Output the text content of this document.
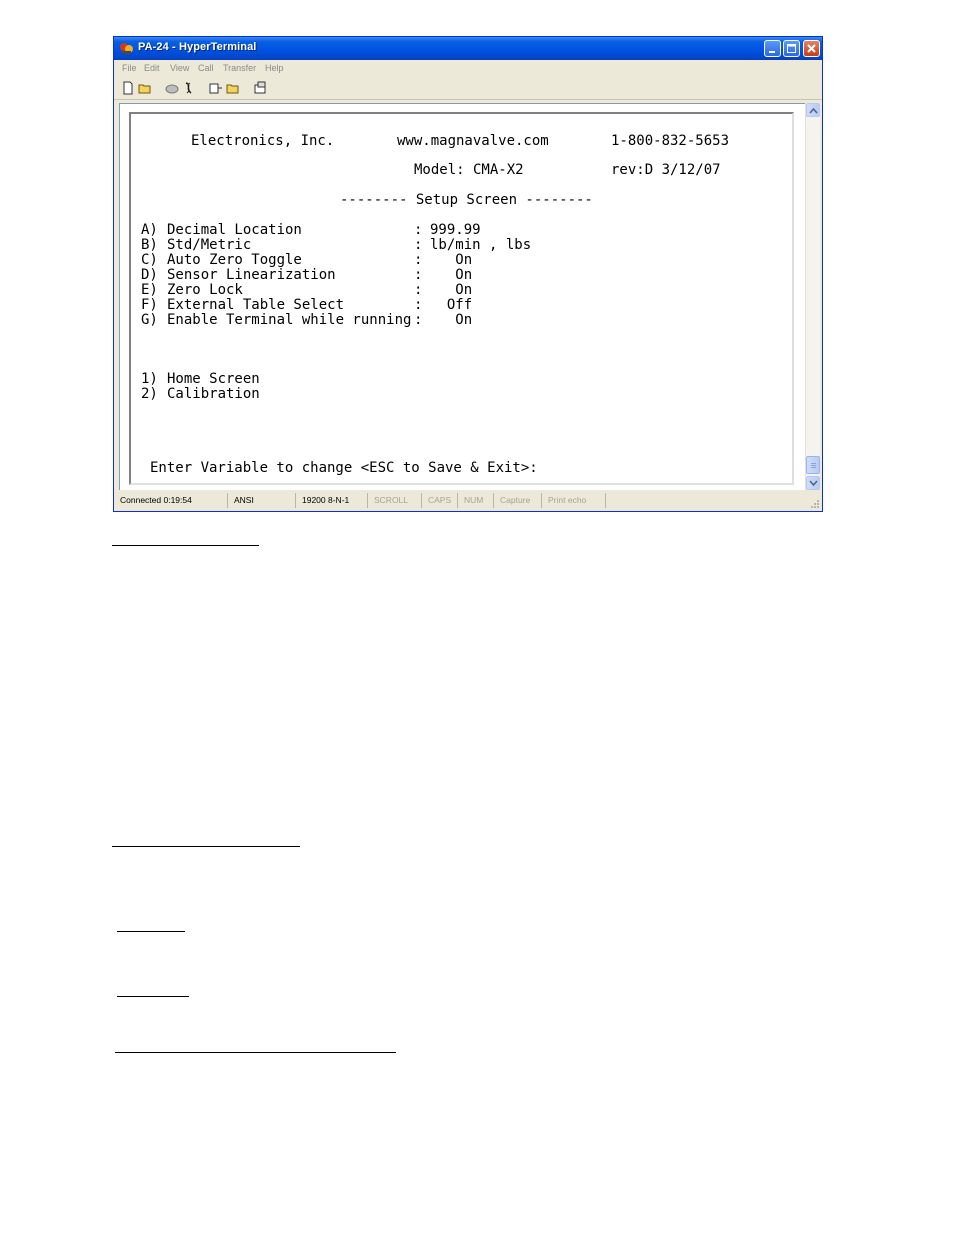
PA-24 - HyperTerminal
File Edit View Call Transfer Help
Electronics, Inc.	www.magnavalve.com	1-800-832-5653
Model: CMA-X2	rev:D 3/12/07
-------- Setup Screen --------
A) Decimal Location	: 999.99
B) Std/Metric	: lb/min , lbs
C) Auto Zero Toggle	: On
D) Sensor Linearization	: On
E) Zero Lock	: On
F) External Table Select	: Off
G) Enable Terminal while running : On
1) Home Screen
2) Calibration
Enter Variable to change <ESC to Save & Exit>:
Connected 0:19:54	ANSI	19200 8-N-1	SCROLL	CAPS	NUM	Capture	Print echo
